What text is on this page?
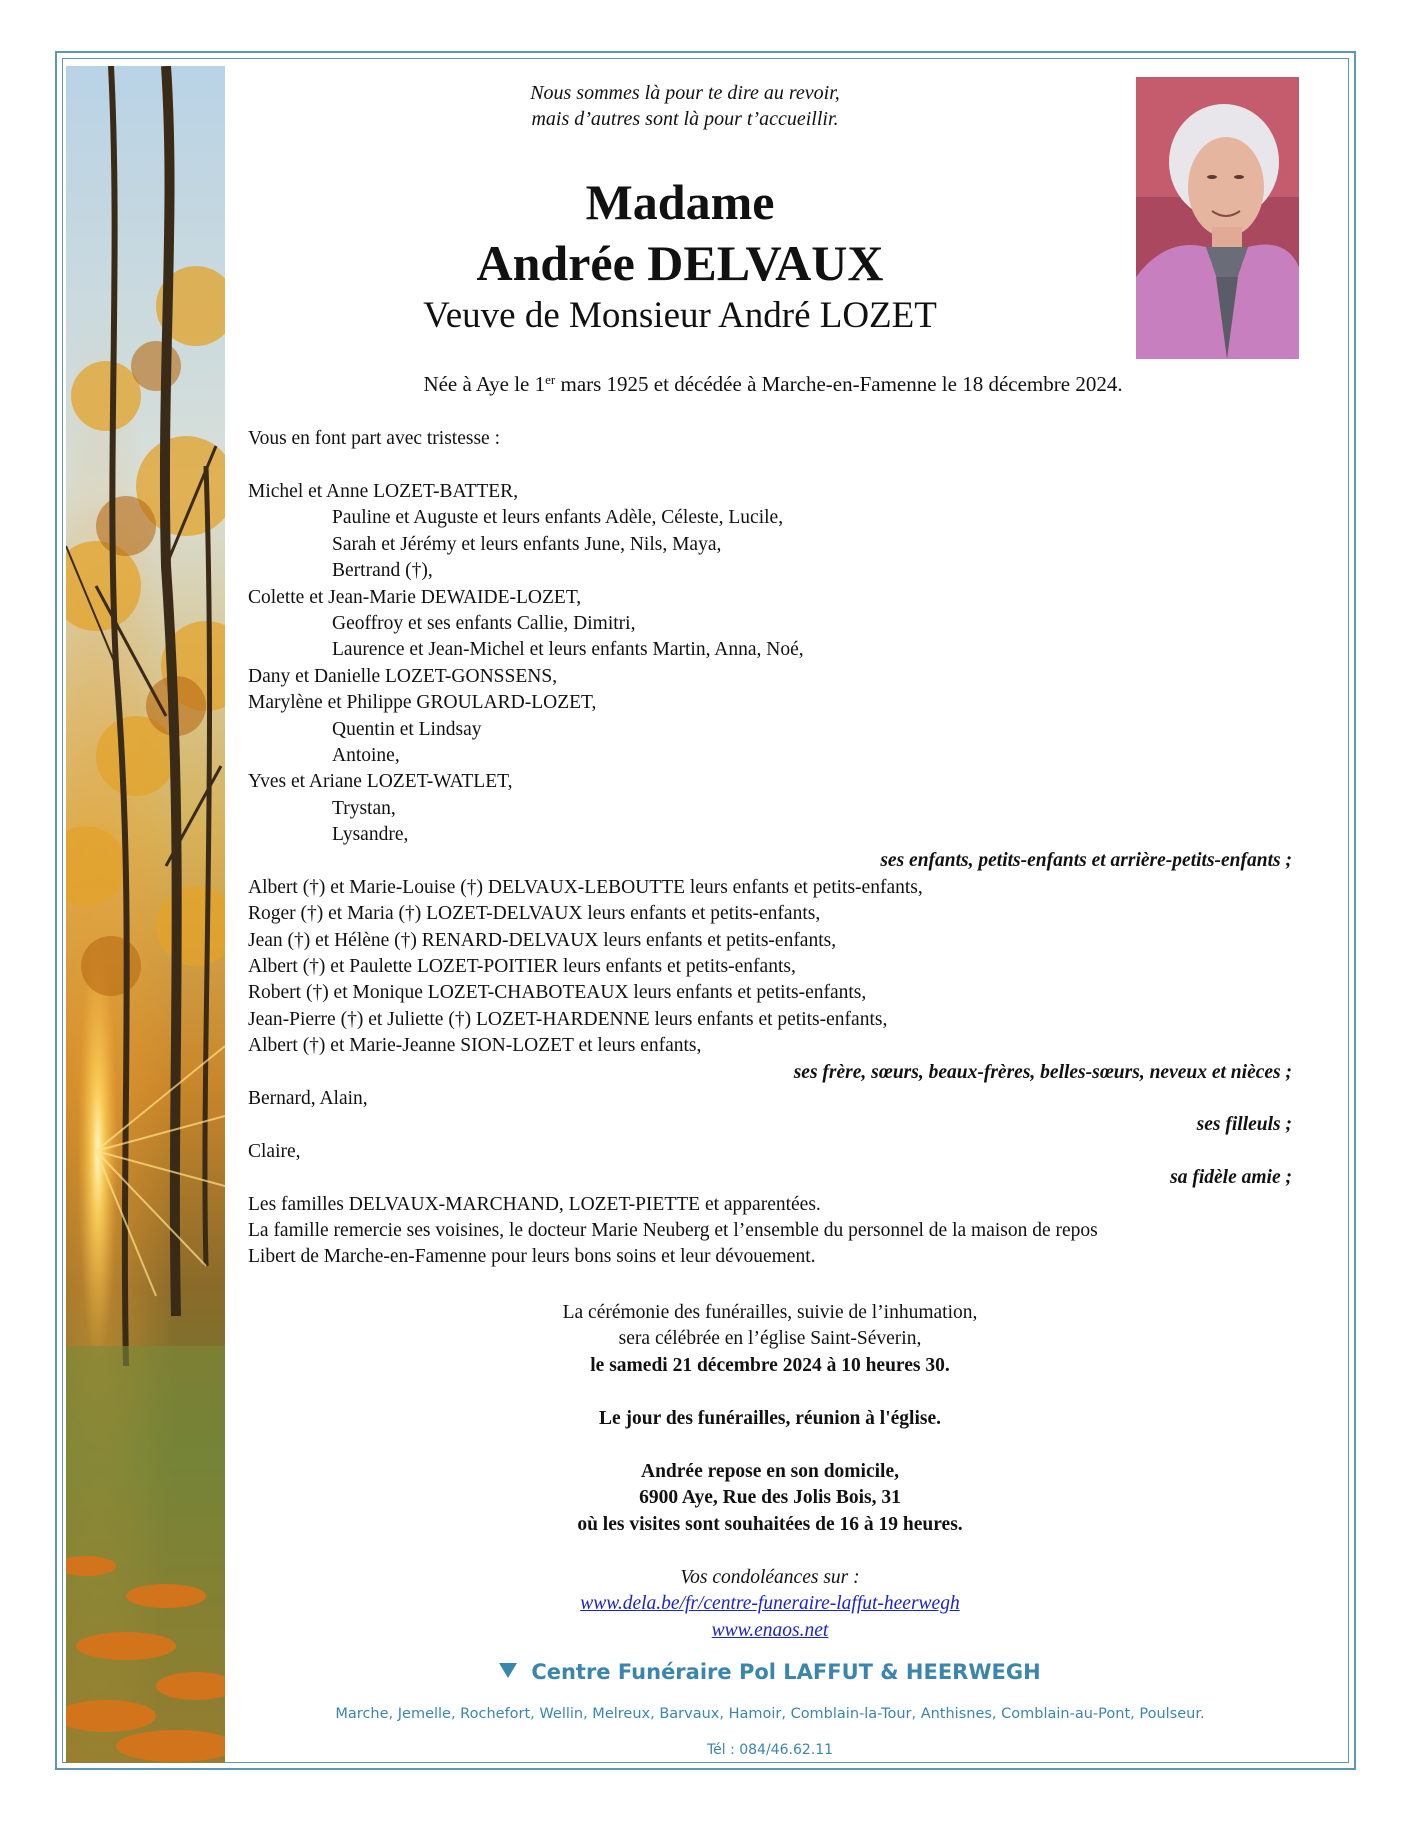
Nous sommes là pour te dire au revoir,
mais d’autres sont là pour t’accueillir.
Madame
Andrée DELVAUX
Veuve de Monsieur André LOZET
Née à Aye le 1er mars 1925 et décédée à Marche-en-Famenne le 18 décembre 2024.
Vous en font part avec tristesse :
Michel et Anne LOZET-BATTER,
Pauline et Auguste et leurs enfants Adèle, Céleste, Lucile,
Sarah et Jérémy et leurs enfants June, Nils, Maya,
Bertrand (†),
Colette et Jean-Marie DEWAIDE-LOZET,
Geoffroy et ses enfants Callie, Dimitri,
Laurence et Jean-Michel et leurs enfants Martin, Anna, Noé,
Dany et Danielle LOZET-GONSSENS,
Marylène et Philippe GROULARD-LOZET,
Quentin et Lindsay
Antoine,
Yves et Ariane LOZET-WATLET,
Trystan,
Lysandre,
ses enfants, petits-enfants et arrière-petits-enfants ;
Albert (†) et Marie-Louise (†) DELVAUX-LEBOUTTE leurs enfants et petits-enfants,
Roger (†) et Maria (†) LOZET-DELVAUX leurs enfants et petits-enfants,
Jean (†) et Hélène (†) RENARD-DELVAUX leurs enfants et petits-enfants,
Albert (†) et Paulette LOZET-POITIER leurs enfants et petits-enfants,
Robert (†) et Monique LOZET-CHABOTEAUX leurs enfants et petits-enfants,
Jean-Pierre (†) et Juliette (†) LOZET-HARDENNE leurs enfants et petits-enfants,
Albert (†) et Marie-Jeanne SION-LOZET et leurs enfants,
ses frère, sœurs, beaux-frères, belles-sœurs, neveux et nièces ;
Bernard, Alain,
ses filleuls ;
Claire,
sa fidèle amie ;
Les familles DELVAUX-MARCHAND, LOZET-PIETTE et apparentées.
La famille remercie ses voisines, le docteur Marie Neuberg et l’ensemble du personnel de la maison de repos
Libert de Marche-en-Famenne pour leurs bons soins et leur dévouement.
La cérémonie des funérailles, suivie de l’inhumation,
sera célébrée en l’église Saint-Séverin,
le samedi 21 décembre 2024 à 10 heures 30.
Le jour des funérailles, réunion à l'église.
Andrée repose en son domicile,
6900 Aye, Rue des Jolis Bois, 31
où les visites sont souhaitées de 16 à 19 heures.
Vos condoléances sur :
www.dela.be/fr/centre-funeraire-laffut-heerwegh
www.enaos.net
Centre Funéraire Pol LAFFUT & HEERWEGH
Marche, Jemelle, Rochefort, Wellin, Melreux, Barvaux, Hamoir, Comblain-la-Tour, Anthisnes, Comblain-au-Pont, Poulseur.
Tél : 084/46.62.11
